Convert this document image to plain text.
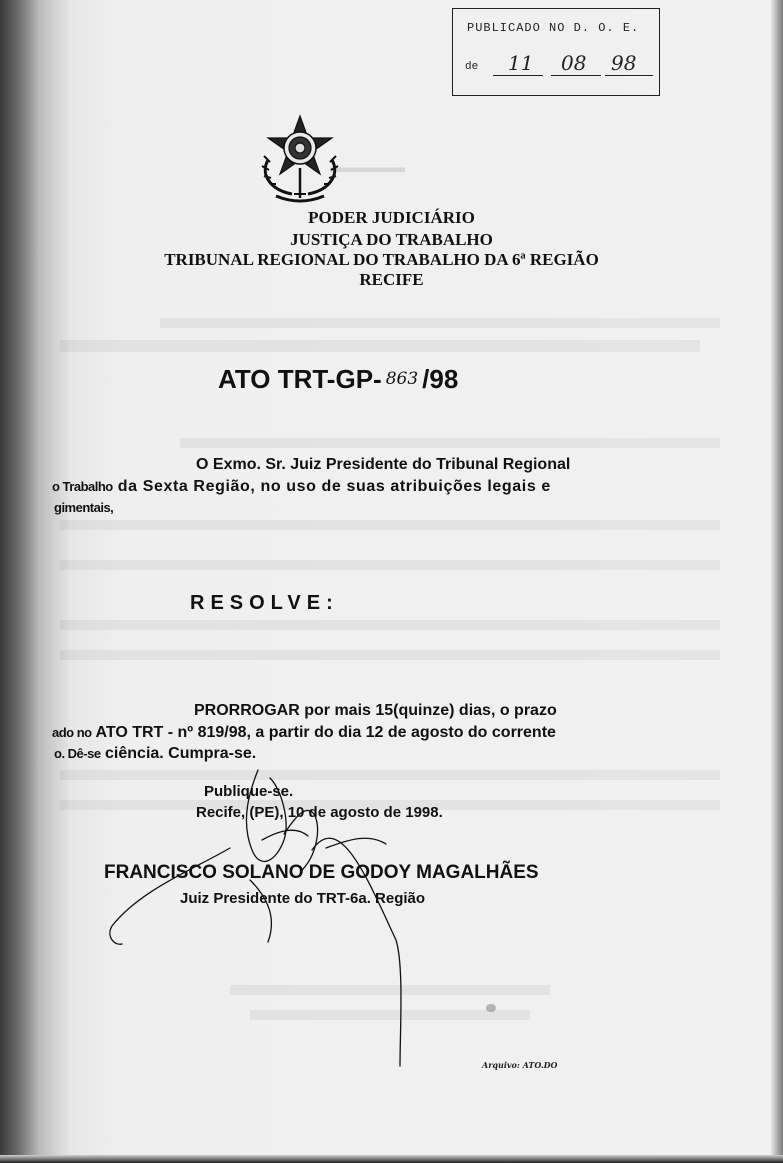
▬▬▬▬▬
PUBLICADO NO D. O. E.
de 11 08 98
PODER JUDICIÁRIO
JUSTIÇA DO TRABALHO
TRIBUNAL REGIONAL DO TRABALHO DA 6ª REGIÃO
RECIFE
ATO TRT-GP- 863 /98
O Exmo. Sr. Juiz Presidente do Tribunal Regional
o Trabalho da Sexta Região, no uso de suas atribuições legais e
gimentais,
RESOLVE:
PRORROGAR por mais 15(quinze) dias, o prazo
ado no ATO TRT - nº 819/98, a partir do dia 12 de agosto do corrente
o. Dê-se ciência. Cumpra-se.
Publique-se.
Recife, (PE), 10 de agosto de 1998.
FRANCISCO SOLANO DE GODOY MAGALHÃES
Juiz Presidente do TRT-6a. Região
Arquivo: ATO.DO
